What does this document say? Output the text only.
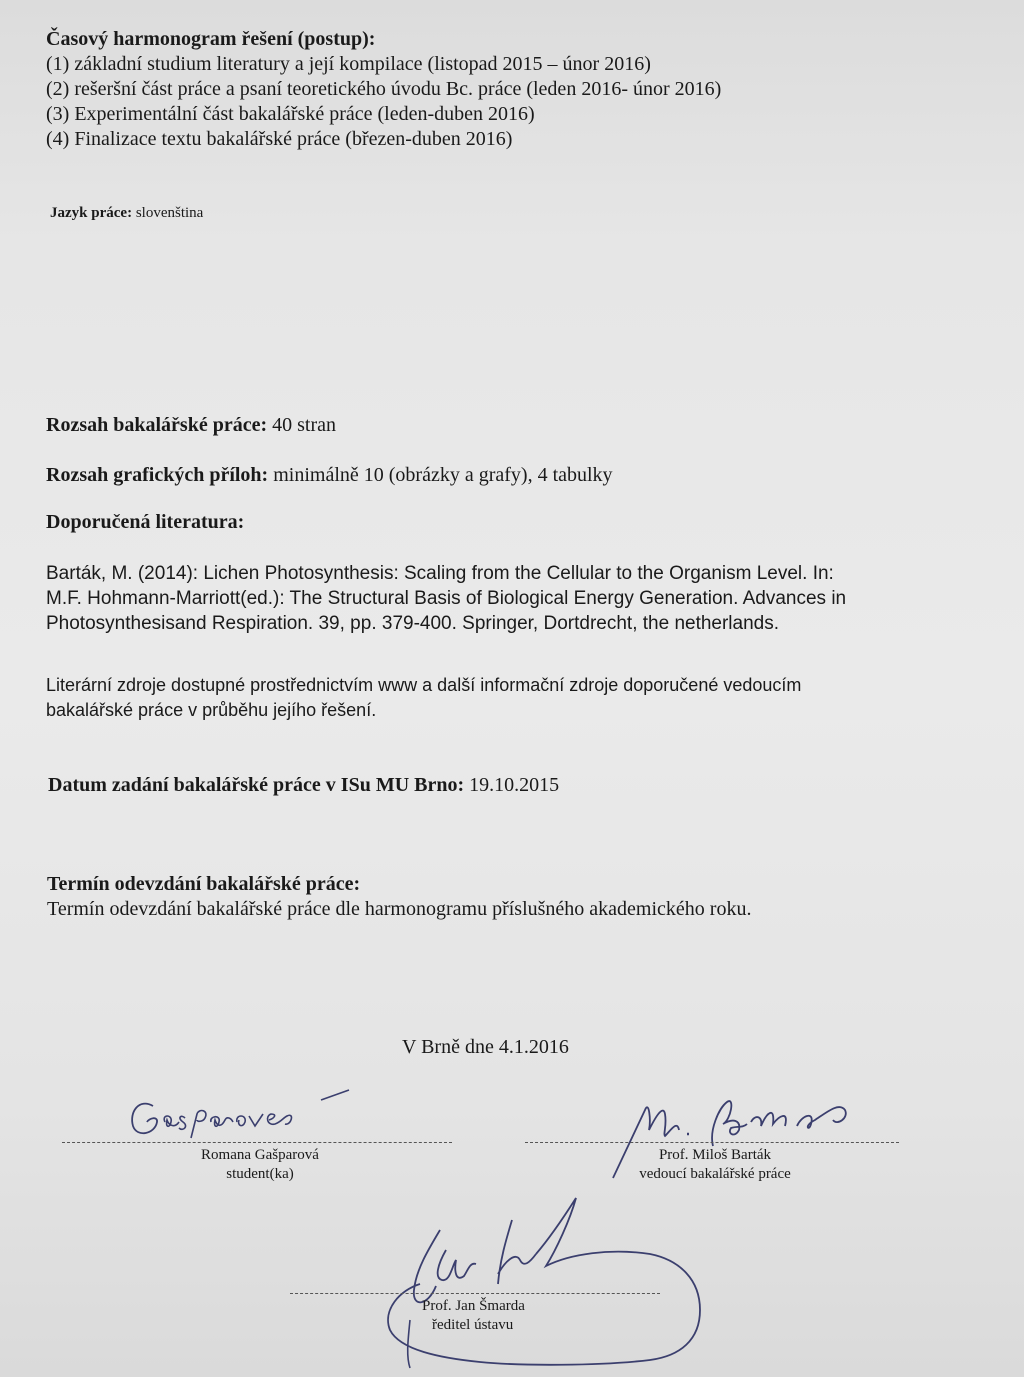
Časový harmonogram řešení (postup):
(1) základní studium literatury a její kompilace (listopad 2015 – únor 2016)
(2) rešeršní část práce a psaní teoretického úvodu Bc. práce (leden 2016- únor 2016)
(3) Experimentální část bakalářské práce (leden-duben 2016)
(4) Finalizace textu bakalářské práce (březen-duben 2016)

Jazyk práce: slovenština

Rozsah bakalářské práce: 40 stran

Rozsah grafických příloh: minimálně 10 (obrázky a grafy), 4 tabulky

Doporučená literatura:

Barták, M. (2014): Lichen Photosynthesis: Scaling from the Cellular to the Organism Level. In:
M.F. Hohmann-Marriott(ed.): The Structural Basis of Biological Energy Generation. Advances in
Photosynthesisand Respiration. 39, pp. 379-400. Springer, Dortdrecht, the netherlands.
Literární zdroje dostupné prostřednictvím www a další informační zdroje doporučené vedoucím
bakalářské práce v průběhu jejího řešení.

Datum zadání bakalářské práce v ISu MU Brno: 19.10.2015

Termín odevzdání bakalářské práce:
Termín odevzdání bakalářské práce dle harmonogramu příslušného akademického roku.

V Brně dne 4.1.2016

Romana Gašparová
student(ka)
Prof. Miloš Barták
vedoucí bakalářské práce
Prof. Jan Šmarda
ředitel ústavu
